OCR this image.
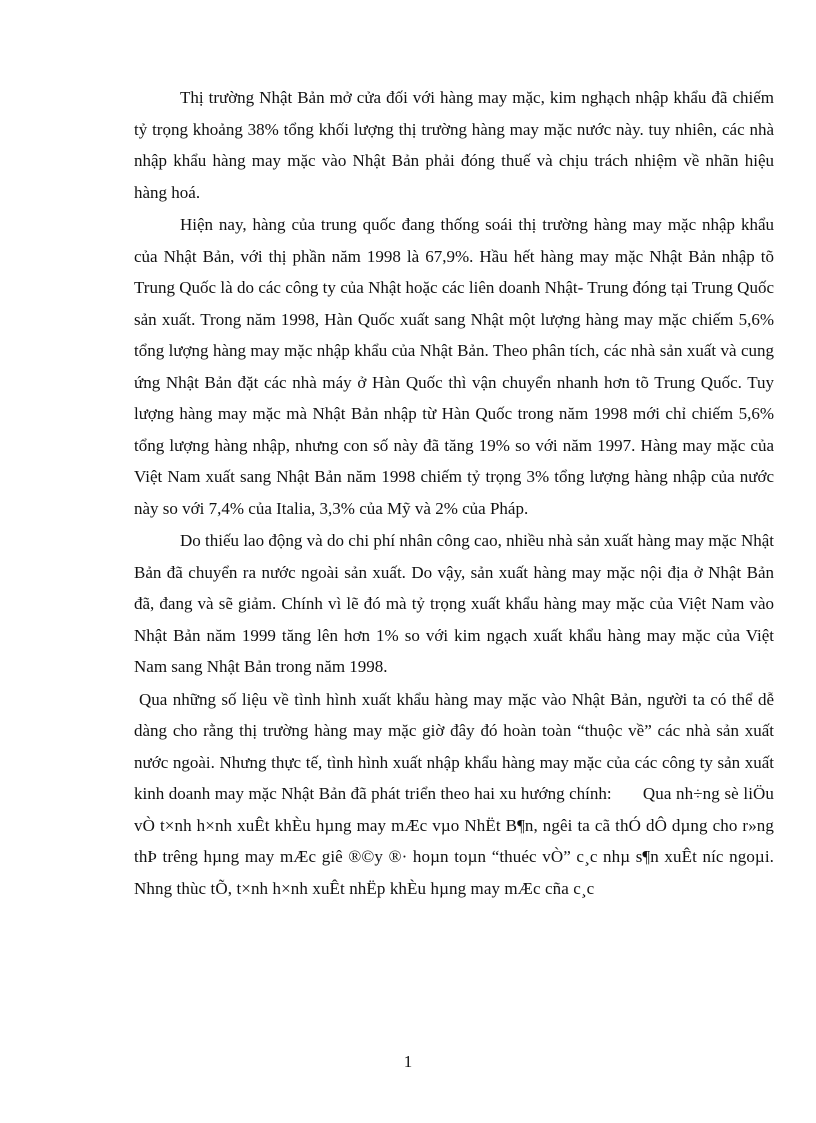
Thị trường Nhật Bản mở cửa đối với hàng may mặc, kim nghạch nhập khẩu đã chiếm tỷ trọng khoảng 38% tổng khối lượng thị trường hàng may mặc nước này. tuy nhiên, các nhà nhập khẩu hàng may mặc vào Nhật Bản phải đóng thuế và chịu trách nhiệm về nhãn hiệu hàng hoá.

Hiện nay, hàng của trung quốc đang thống soái thị trường hàng may mặc nhập khẩu của Nhật Bản, với thị phần năm 1998 là 67,9%. Hầu hết hàng may mặc Nhật Bản nhập tõ Trung Quốc là do các công ty của Nhật hoặc các liên doanh Nhật- Trung đóng tại Trung Quốc sản xuất. Trong năm 1998, Hàn Quốc xuất sang Nhật một lượng hàng may mặc chiếm 5,6% tổng lượng hàng may mặc nhập khẩu của Nhật Bản. Theo phân tích, các nhà sản xuất và cung ứng Nhật Bản đặt các nhà máy ở Hàn Quốc thì vận chuyển nhanh hơn tõ Trung Quốc. Tuy lượng hàng may mặc mà Nhật Bản nhập từ Hàn Quốc trong năm 1998 mới chỉ chiếm 5,6% tổng lượng hàng nhập, nhưng con số này đã tăng 19% so với năm 1997. Hàng may mặc của Việt Nam xuất sang Nhật Bản năm 1998 chiếm tỷ trọng 3% tổng lượng hàng nhập của nước này so với 7,4% của Italia, 3,3% của Mỹ và 2% của Pháp.

Do thiếu lao động và do chi phí nhân công cao, nhiều nhà sản xuất hàng may mặc Nhật Bản đã chuyển ra nước ngoài sản xuất. Do vậy, sản xuất hàng may mặc nội địa ở Nhật Bản đã, đang và sẽ giảm. Chính vì lẽ đó mà tỷ trọng xuất khẩu hàng may mặc của Việt Nam vào Nhật Bản năm 1999 tăng lên hơn 1% so với kim ngạch xuất khẩu hàng may mặc của Việt Nam sang Nhật Bản trong năm 1998.

Qua những số liệu về tình hình xuất khẩu hàng may mặc vào Nhật Bản, người ta có thể dễ dàng cho rằng thị trường hàng may mặc giờ đây đó hoàn toàn “thuộc về” các nhà sản xuất nước ngoài. Nhưng thực tế, tình hình xuất nhập khẩu hàng may mặc của các công ty sản xuất kinh doanh may mặc Nhật Bản đã phát triển theo hai xu hướng chính: Qua nh÷ng sè liÖu vÒ t×nh h×nh xuÊt khÈu hµng may mÆc vµo NhËt B¶n, ngêi ta cã thÓ dÔ dµng cho r»ng thÞ trêng hµng may mÆc giê ®©y ®· hoµn toµn “thuéc vÒ” c¸c nhµ s¶n xuÊt níc ngoµi. Nhng thùc tÕ, t×nh h×nh xuÊt nhËp khÈu hµng may mÆc cña c¸c

1
